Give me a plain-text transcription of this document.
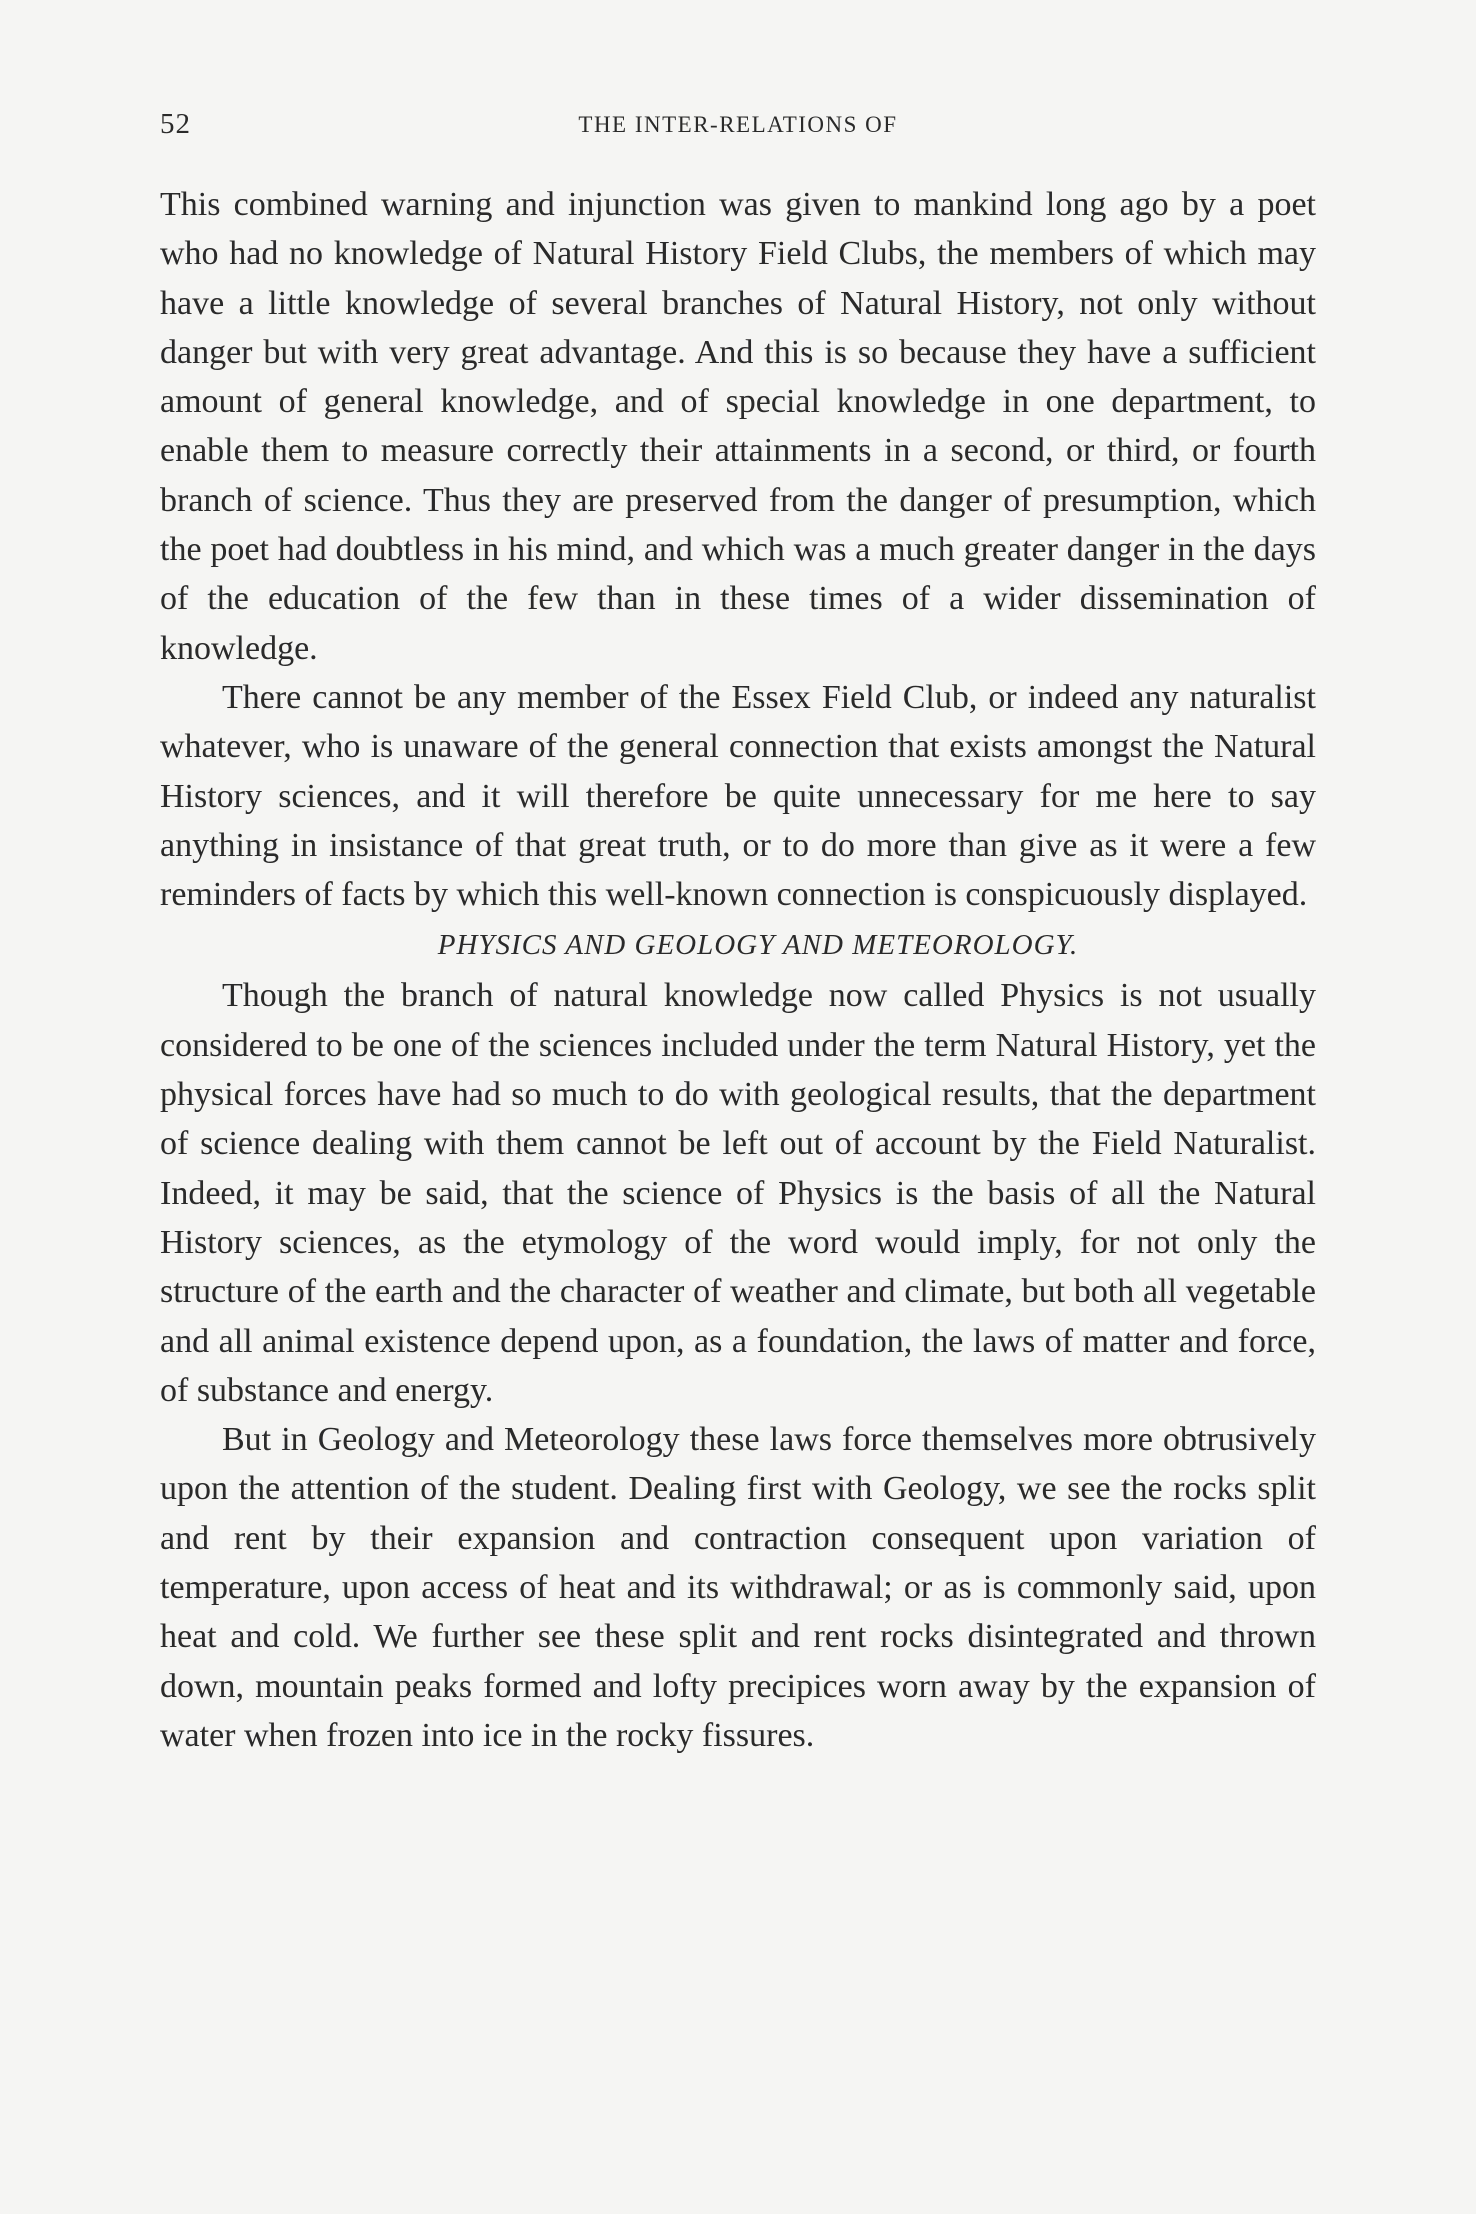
52	THE INTER-RELATIONS OF

This combined warning and injunction was given to mankind long ago by a poet who had no knowledge of Natural History Field Clubs, the members of which may have a little knowledge of several branches of Natural History, not only without danger but with very great advantage. And this is so because they have a sufficient amount of general knowledge, and of special knowledge in one department, to enable them to measure correctly their attainments in a second, or third, or fourth branch of science. Thus they are preserved from the danger of presumption, which the poet had doubtless in his mind, and which was a much greater danger in the days of the education of the few than in these times of a wider dissemination of knowledge.

There cannot be any member of the Essex Field Club, or indeed any naturalist whatever, who is unaware of the general connection that exists amongst the Natural History sciences, and it will therefore be quite unnecessary for me here to say anything in insistance of that great truth, or to do more than give as it were a few reminders of facts by which this well-known connection is conspicuously displayed.

PHYSICS AND GEOLOGY AND METEOROLOGY.

Though the branch of natural knowledge now called Physics is not usually considered to be one of the sciences included under the term Natural History, yet the physical forces have had so much to do with geological results, that the department of science dealing with them cannot be left out of account by the Field Naturalist. Indeed, it may be said, that the science of Physics is the basis of all the Natural History sciences, as the etymology of the word would imply, for not only the structure of the earth and the character of weather and climate, but both all vegetable and all animal existence depend upon, as a foundation, the laws of matter and force, of substance and energy.

But in Geology and Meteorology these laws force themselves more obtrusively upon the attention of the student. Dealing first with Geology, we see the rocks split and rent by their expansion and contraction consequent upon variation of temperature, upon access of heat and its withdrawal; or as is commonly said, upon heat and cold. We further see these split and rent rocks disintegrated and thrown down, mountain peaks formed and lofty precipices worn away by the expansion of water when frozen into ice in the rocky fissures.
